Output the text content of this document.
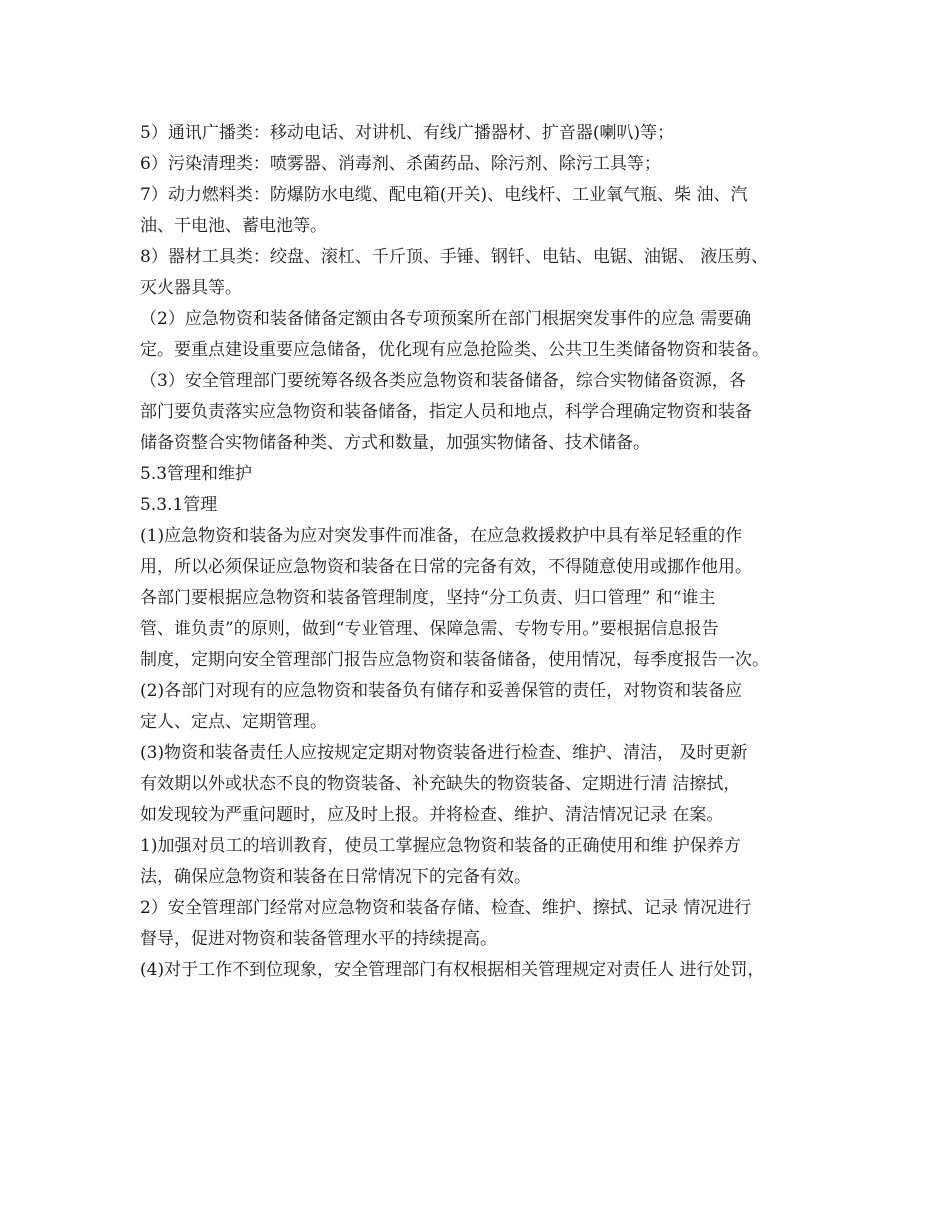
5）通讯广播类：移动电话、对讲机、有线广播器材、扩音器(喇叭)等；
6）污染清理类：喷雾器、消毒剂、杀菌药品、除污剂、除污工具等；
7）动力燃料类：防爆防水电缆、配电箱(开关)、电线杆、工业氧气瓶、柴 油、汽
油、干电池、蓄电池等。
8）器材工具类：绞盘、滚杠、千斤顶、手锤、钢钎、电钻、电锯、油锯、 液压剪、
灭火器具等。
（2）应急物资和装备储备定额由各专项预案所在部门根据突发事件的应急 需要确
定。要重点建设重要应急储备，优化现有应急抢险类、公共卫生类储备物资和装备。
（3）安全管理部门要统筹各级各类应急物资和装备储备，综合实物储备资源，各
部门要负责落实应急物资和装备储备，指定人员和地点，科学合理确定物资和装备
储备资整合实物储备种类、方式和数量，加强实物储备、技术储备。
5.3管理和维护
5.3.1管理
(1)应急物资和装备为应对突发事件而准备，在应急救援救护中具有举足轻重的作
用，所以必须保证应急物资和装备在日常的完备有效，不得随意使用或挪作他用。
各部门要根据应急物资和装备管理制度，坚持“分工负责、归口管理” 和“谁主
管、谁负责”的原则，做到“专业管理、保障急需、专物专用。”要根据信息报告
制度，定期向安全管理部门报告应急物资和装备储备，使用情况，每季度报告一次。
(2)各部门对现有的应急物资和装备负有储存和妥善保管的责任，对物资和装备应
定人、定点、定期管理。
(3)物资和装备责任人应按规定定期对物资装备进行检查、维护、清洁， 及时更新
有效期以外或状态不良的物资装备、补充缺失的物资装备、定期进行清 洁擦拭，
如发现较为严重问题时，应及时上报。并将检查、维护、清洁情况记录 在案。
1)加强对员工的培训教育，使员工掌握应急物资和装备的正确使用和维 护保养方
法，确保应急物资和装备在日常情况下的完备有效。
2）安全管理部门经常对应急物资和装备存储、检查、维护、擦拭、记录 情况进行
督导，促进对物资和装备管理水平的持续提高。
(4)对于工作不到位现象，安全管理部门有权根据相关管理规定对责任人 进行处罚，
